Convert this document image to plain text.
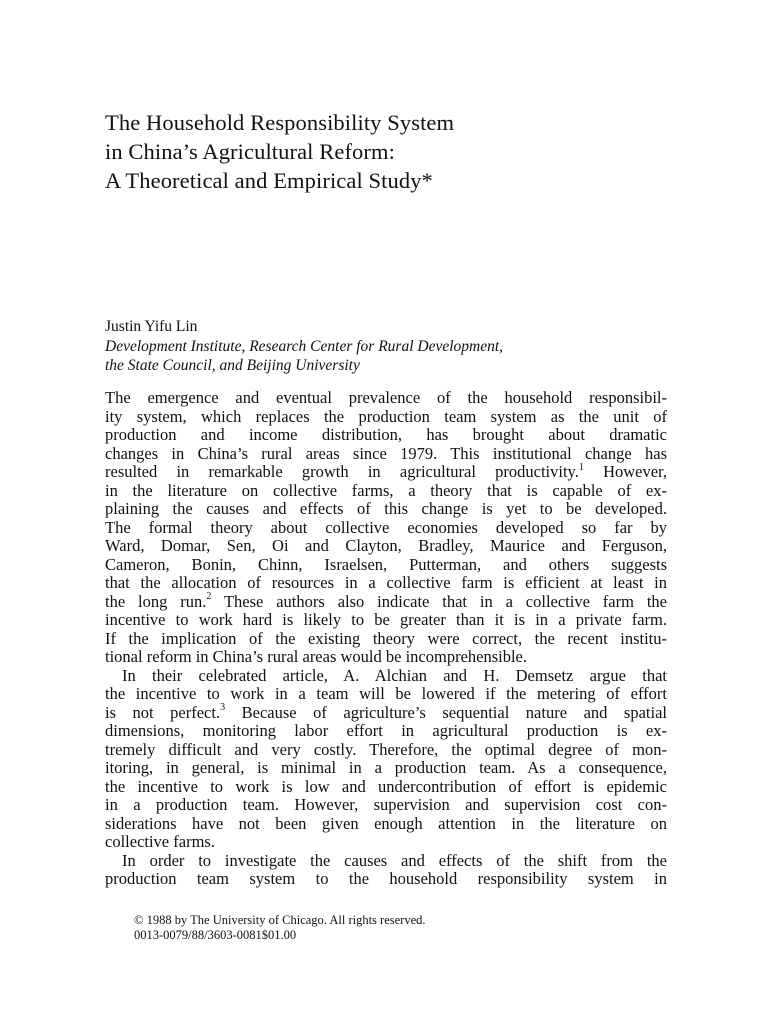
The Household Responsibility System
in China’s Agricultural Reform:
A Theoretical and Empirical Study*
Justin Yifu Lin
Development Institute, Research Center for Rural Development,
the State Council, and Beijing University
The emergence and eventual prevalence of the household responsibil-
ity system, which replaces the production team system as the unit of
production and income distribution, has brought about dramatic
changes in China’s rural areas since 1979. This institutional change has
resulted in remarkable growth in agricultural productivity.$^1$ However,
in the literature on collective farms, a theory that is capable of ex-
plaining the causes and effects of this change is yet to be developed.
The formal theory about collective economies developed so far by
Ward, Domar, Sen, Oi and Clayton, Bradley, Maurice and Ferguson,
Cameron, Bonin, Chinn, Israelsen, Putterman, and others suggests
that the allocation of resources in a collective farm is efficient at least in
the long run.$^2$ These authors also indicate that in a collective farm the
incentive to work hard is likely to be greater than it is in a private farm.
If the implication of the existing theory were correct, the recent institu-
tional reform in China’s rural areas would be incomprehensible.
In their celebrated article, A. Alchian and H. Demsetz argue that
the incentive to work in a team will be lowered if the metering of effort
is not perfect.$^3$ Because of agriculture’s sequential nature and spatial
dimensions, monitoring labor effort in agricultural production is ex-
tremely difficult and very costly. Therefore, the optimal degree of mon-
itoring, in general, is minimal in a production team. As a consequence,
the incentive to work is low and undercontribution of effort is epidemic
in a production team. However, supervision and supervision cost con-
siderations have not been given enough attention in the literature on
collective farms.
In order to investigate the causes and effects of the shift from the
production team system to the household responsibility system in
© 1988 by The University of Chicago. All rights reserved.
0013-0079/88/3603-0081$01.00
